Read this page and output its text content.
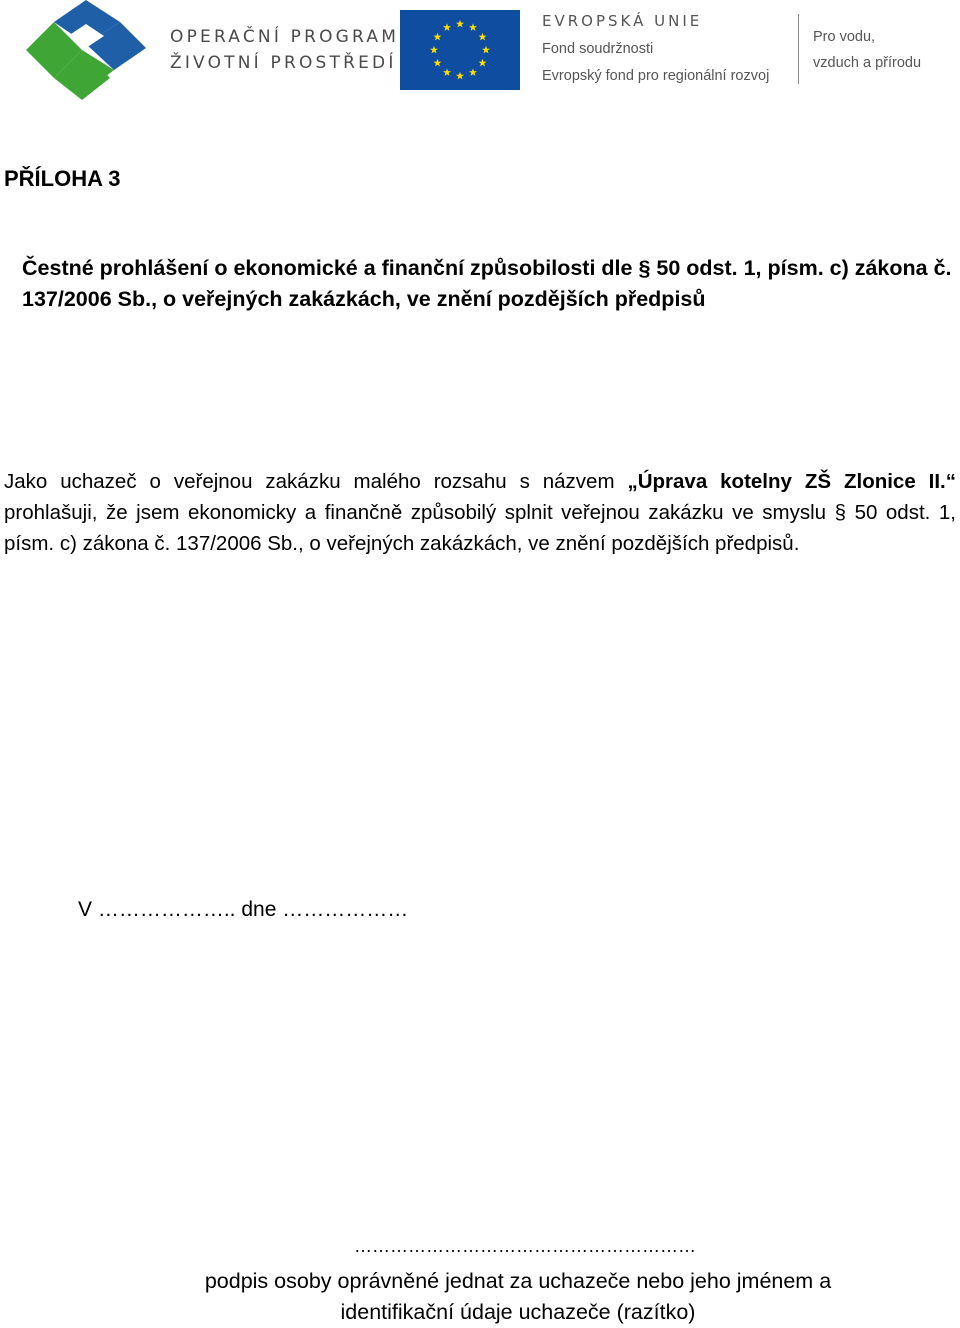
OPERAČNÍ PROGRAM
ŽIVOTNÍ PROSTŘEDÍ
EVROPSKÁ UNIE
Fond soudržnosti
Evropský fond pro regionální rozvoj
Pro vodu,
vzduch a přírodu
PŘÍLOHA 3
Čestné prohlášení o ekonomické a finanční způsobilosti dle § 50 odst. 1, písm. c) zákona č. 137/2006 Sb., o veřejných zakázkách, ve znění pozdějších předpisů
Jako uchazeč o veřejnou zakázku malého rozsahu s názvem „Úprava kotelny ZŠ Zlonice II.“ prohlašuji, že jsem ekonomicky a finančně způsobilý splnit veřejnou zakázku ve smyslu § 50 odst. 1, písm. c) zákona č. 137/2006 Sb., o veřejných zakázkách, ve znění pozdějších předpisů.
V ……………….. dne ………………
…………………………………………………
podpis osoby oprávněné jednat za uchazeče nebo jeho jménem a identifikační údaje uchazeče (razítko)
